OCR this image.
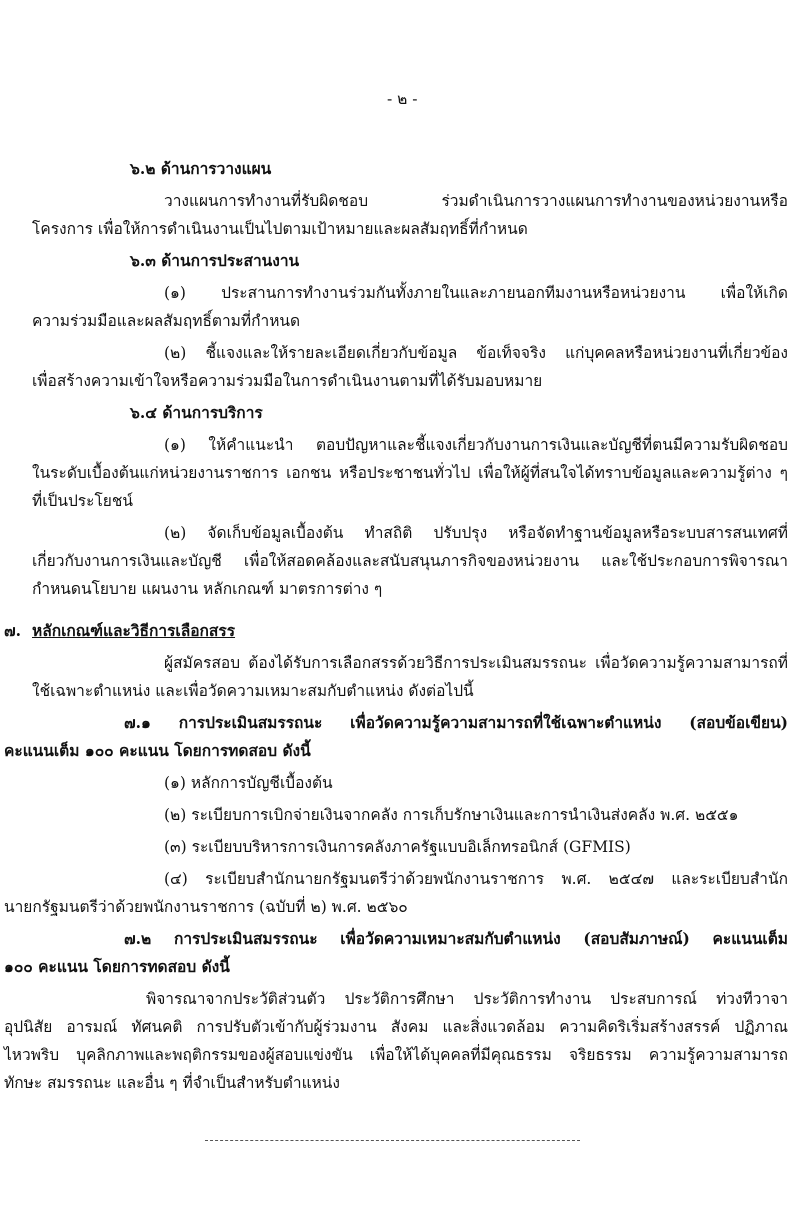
- ๒ -
๖.๒ ด้านการวางแผน
วางแผนการทำงานที่รับผิดชอบ ร่วมดำเนินการวางแผนการทำงานของหน่วยงานหรือ
โครงการ เพื่อให้การดำเนินงานเป็นไปตามเป้าหมายและผลสัมฤทธิ์ที่กำหนด
๖.๓ ด้านการประสานงาน
(๑) ประสานการทำงานร่วมกันทั้งภายในและภายนอกทีมงานหรือหน่วยงาน เพื่อให้เกิด
ความร่วมมือและผลสัมฤทธิ์ตามที่กำหนด
(๒) ชี้แจงและให้รายละเอียดเกี่ยวกับข้อมูล ข้อเท็จจริง แก่บุคคลหรือหน่วยงานที่เกี่ยวข้อง
เพื่อสร้างความเข้าใจหรือความร่วมมือในการดำเนินงานตามที่ได้รับมอบหมาย
๖.๔ ด้านการบริการ
(๑) ให้คำแนะนำ ตอบปัญหาและชี้แจงเกี่ยวกับงานการเงินและบัญชีที่ตนมีความรับผิดชอบ
ในระดับเบื้องต้นแก่หน่วยงานราชการ เอกชน หรือประชาชนทั่วไป เพื่อให้ผู้ที่สนใจได้ทราบข้อมูลและความรู้ต่าง ๆ
ที่เป็นประโยชน์
(๒) จัดเก็บข้อมูลเบื้องต้น ทำสถิติ ปรับปรุง หรือจัดทำฐานข้อมูลหรือระบบสารสนเทศที่
เกี่ยวกับงานการเงินและบัญชี เพื่อให้สอดคล้องและสนับสนุนภารกิจของหน่วยงาน และใช้ประกอบการพิจารณา
กำหนดนโยบาย แผนงาน หลักเกณฑ์ มาตรการต่าง ๆ
๗. หลักเกณฑ์และวิธีการเลือกสรร
ผู้สมัครสอบ ต้องได้รับการเลือกสรรด้วยวิธีการประเมินสมรรถนะ เพื่อวัดความรู้ความสามารถที่
ใช้เฉพาะตำแหน่ง และเพื่อวัดความเหมาะสมกับตำแหน่ง ดังต่อไปนี้
๗.๑ การประเมินสมรรถนะ เพื่อวัดความรู้ความสามารถที่ใช้เฉพาะตำแหน่ง (สอบข้อเขียน)
คะแนนเต็ม ๑๐๐ คะแนน โดยการทดสอบ ดังนี้
(๑) หลักการบัญชีเบื้องต้น
(๒) ระเบียบการเบิกจ่ายเงินจากคลัง การเก็บรักษาเงินและการนำเงินส่งคลัง พ.ศ. ๒๕๕๑
(๓) ระเบียบบริหารการเงินการคลังภาครัฐแบบอิเล็กทรอนิกส์ (GFMIS)
(๔) ระเบียบสำนักนายกรัฐมนตรีว่าด้วยพนักงานราชการ พ.ศ. ๒๕๔๗ และระเบียบสำนัก
นายกรัฐมนตรีว่าด้วยพนักงานราชการ (ฉบับที่ ๒) พ.ศ. ๒๕๖๐
๗.๒ การประเมินสมรรถนะ เพื่อวัดความเหมาะสมกับตำแหน่ง (สอบสัมภาษณ์) คะแนนเต็ม
๑๐๐ คะแนน โดยการทดสอบ ดังนี้
พิจารณาจากประวัติส่วนตัว ประวัติการศึกษา ประวัติการทำงาน ประสบการณ์ ท่วงทีวาจา
อุปนิสัย อารมณ์ ทัศนคติ การปรับตัวเข้ากับผู้ร่วมงาน สังคม และสิ่งแวดล้อม ความคิดริเริ่มสร้างสรรค์ ปฏิภาณ
ไหวพริบ บุคลิกภาพและพฤติกรรมของผู้สอบแข่งขัน เพื่อให้ได้บุคคลที่มีคุณธรรม จริยธรรม ความรู้ความสามารถ
ทักษะ สมรรถนะ และอื่น ๆ ที่จำเป็นสำหรับตำแหน่ง
